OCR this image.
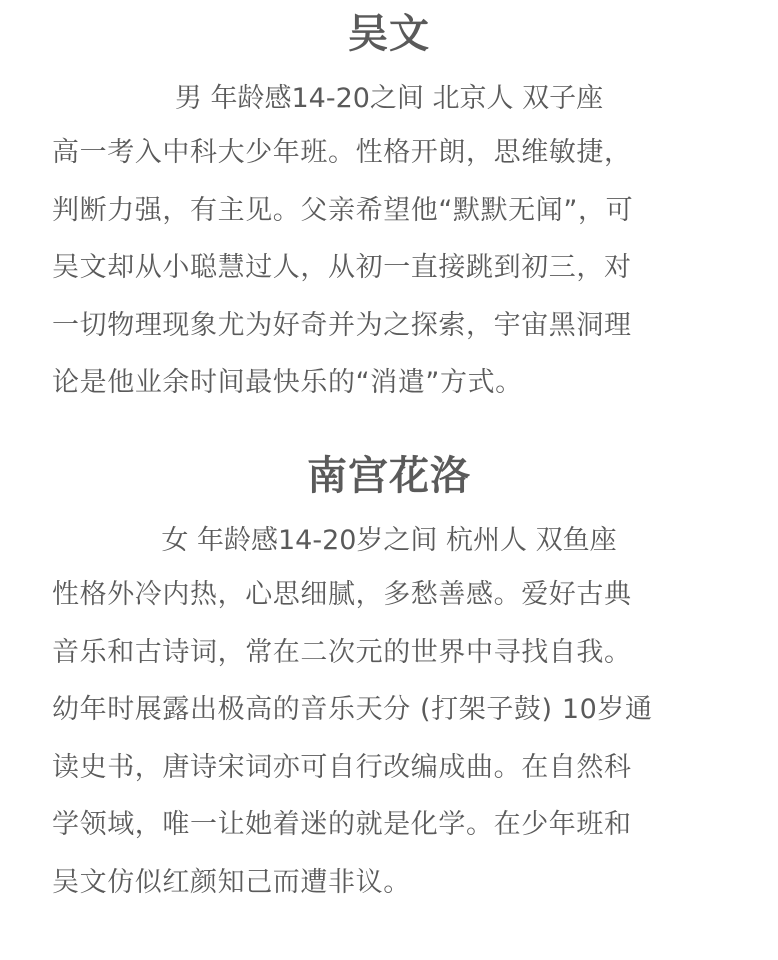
吴文
男 年龄感14-20之间 北京人 双子座

高一考入中科大少年班。性格开朗，思维敏捷，
判断力强，有主见。父亲希望他“默默无闻”，可
吴文却从小聪慧过人，从初一直接跳到初三，对
一切物理现象尤为好奇并为之探索，宇宙黑洞理
论是他业余时间最快乐的“消遣”方式。

南宫花洛
女 年龄感14-20岁之间 杭州人 双鱼座

性格外冷内热，心思细腻，多愁善感。爱好古典
音乐和古诗词，常在二次元的世界中寻找自我。
幼年时展露出极高的音乐天分 (打架子鼓) 10岁通
读史书，唐诗宋词亦可自行改编成曲。在自然科
学领域，唯一让她着迷的就是化学。在少年班和
吴文仿似红颜知己而遭非议。
